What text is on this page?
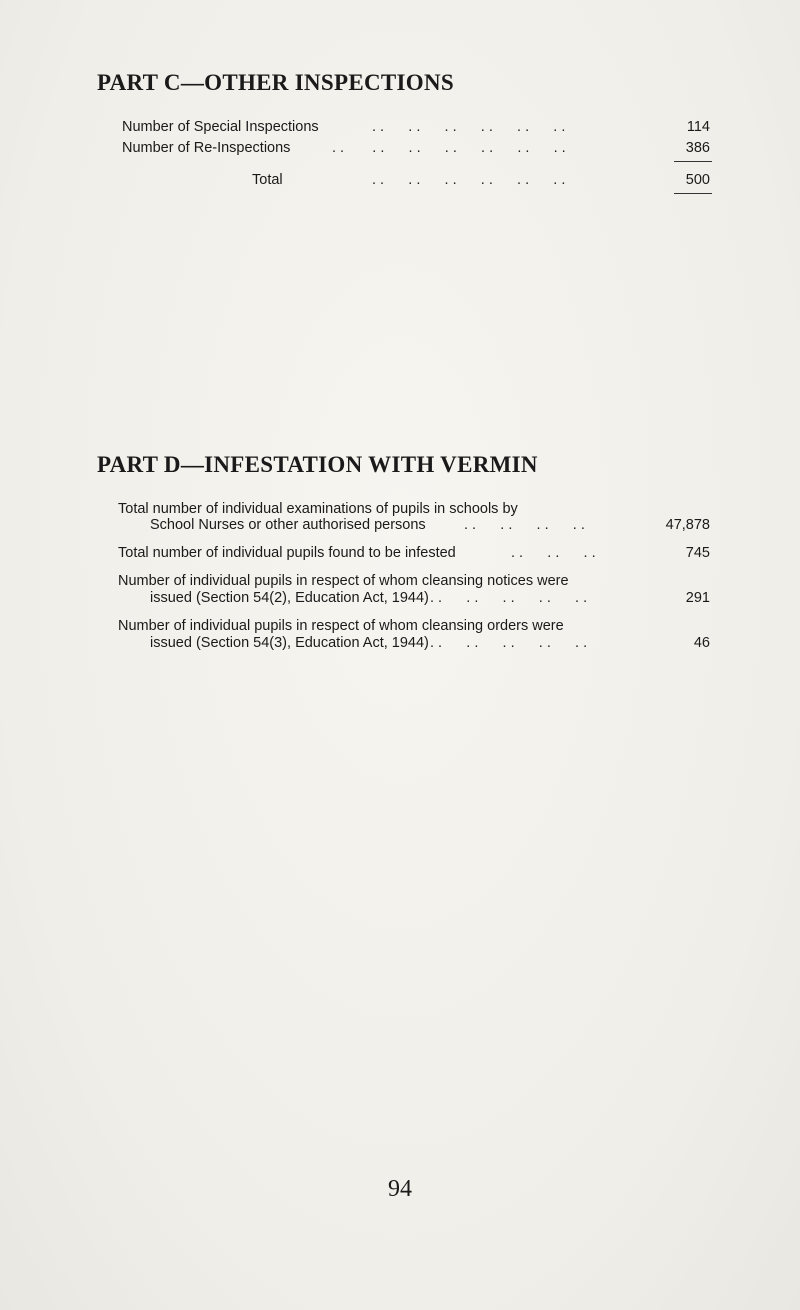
PART C—OTHER INSPECTIONS
Number of Special Inspections	. .      . .      . .      . .      . .      . .	114
Number of Re-Inspections	. .       . .      . .      . .      . .      . .      . .	386
Total	. .      . .      . .      . .      . .      . .	500
PART D—INFESTATION WITH VERMIN
Total number of individual examinations of pupils in schools by
School Nurses or other authorised persons	. .      . .      . .      . .	47,878
Total number of individual pupils found to be infested	. .      . .      . .	745
Number of individual pupils in respect of whom cleansing notices were
issued (Section 54(2), Education Act, 1944) . .      . .      . .      . .      . .	291
Number of individual pupils in respect of whom cleansing orders were
issued (Section 54(3), Education Act, 1944) . .      . .      . .      . .      . .	46
94
